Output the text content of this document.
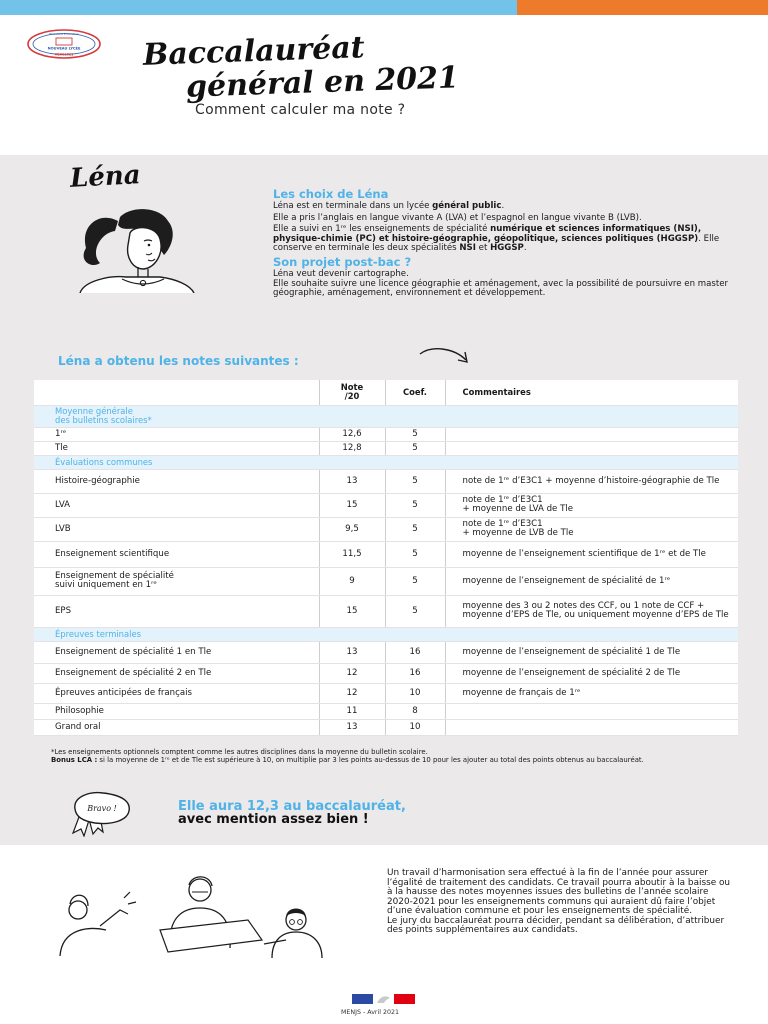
NOUVEAU LYCÉE
Ministère Éducation
#BAC2021 Baccalauréat
général en 2021
Comment calculer ma note ?
Léna
Les choix de Léna

Léna est en terminale dans un lycée général public.

Elle a pris l’anglais en langue vivante A (LVA) et l’espagnol en langue vivante B (LVB).

Elle a suivi en 1ʳᵉ les enseignements de spécialité numérique et sciences informatiques (NSI), physique-chimie (PC) et histoire-géographie, géopolitique, sciences politiques (HGGSP). Elle conserve en terminale les deux spécialités NSI et HGGSP.

Son projet post-bac ?

Léna veut devenir cartographe.

Elle souhaite suivre une licence géographie et aménagement, avec la possibilité de poursuivre en master géographie, aménagement, environnement et développement.

Léna a obtenu les notes suivantes :
	Note
/20	Coef.	Commentaires
Moyenne générale
des bulletins scolaires*			
1ʳᵉ	12,6	5	
Tle	12,8	5	
Évaluations communes			
Histoire-géographie	13	5	note de 1ʳᵉ d’E3C1 + moyenne d’histoire-géographie de Tle
LVA	15	5	note de 1ʳᵉ d’E3C1
+ moyenne de LVA de Tle
LVB	9,5	5	note de 1ʳᵉ d’E3C1
+ moyenne de LVB de Tle
Enseignement scientifique	11,5	5	moyenne de l’enseignement scientifique de 1ʳᵉ et de Tle
Enseignement de spécialité
suivi uniquement en 1ʳᵉ	9	5	moyenne de l’enseignement de spécialité de 1ʳᵉ
EPS	15	5	moyenne des 3 ou 2 notes des CCF, ou 1 note de CCF + moyenne d’EPS de Tle, ou uniquement moyenne d’EPS de Tle
Épreuves terminales			
Enseignement de spécialité 1 en Tle	13	16	moyenne de l’enseignement de spécialité 1 de Tle
Enseignement de spécialité 2 en Tle	12	16	moyenne de l’enseignement de spécialité 2 de Tle
Épreuves anticipées de français	12	10	moyenne de français de 1ʳᵉ
Philosophie	11	8	
Grand oral	13	10	
*Les enseignements optionnels comptent comme les autres disciplines dans la moyenne du bulletin scolaire.
Bonus LCA : si la moyenne de 1ʳᵉ et de Tle est supérieure à 10, on multiplie par 3 les points au-dessus de 10 pour les ajouter au total des points obtenus au baccalauréat.
Bravo !	Elle aura 12,3 au baccalauréat,
avec mention assez bien !

Un travail d’harmonisation sera effectué à la fin de l’année pour assurer l’égalité de traitement des candidats. Ce travail pourra aboutir à la baisse ou à la hausse des notes moyennes issues des bulletins de l’année scolaire 2020-2021 pour les enseignements communs qui auraient dû faire l’objet d’une évaluation commune et pour les enseignements de spécialité.

Le jury du baccalauréat pourra décider, pendant sa délibération, d’attribuer des points supplémentaires aux candidats.

MENJS - Avril 2021
